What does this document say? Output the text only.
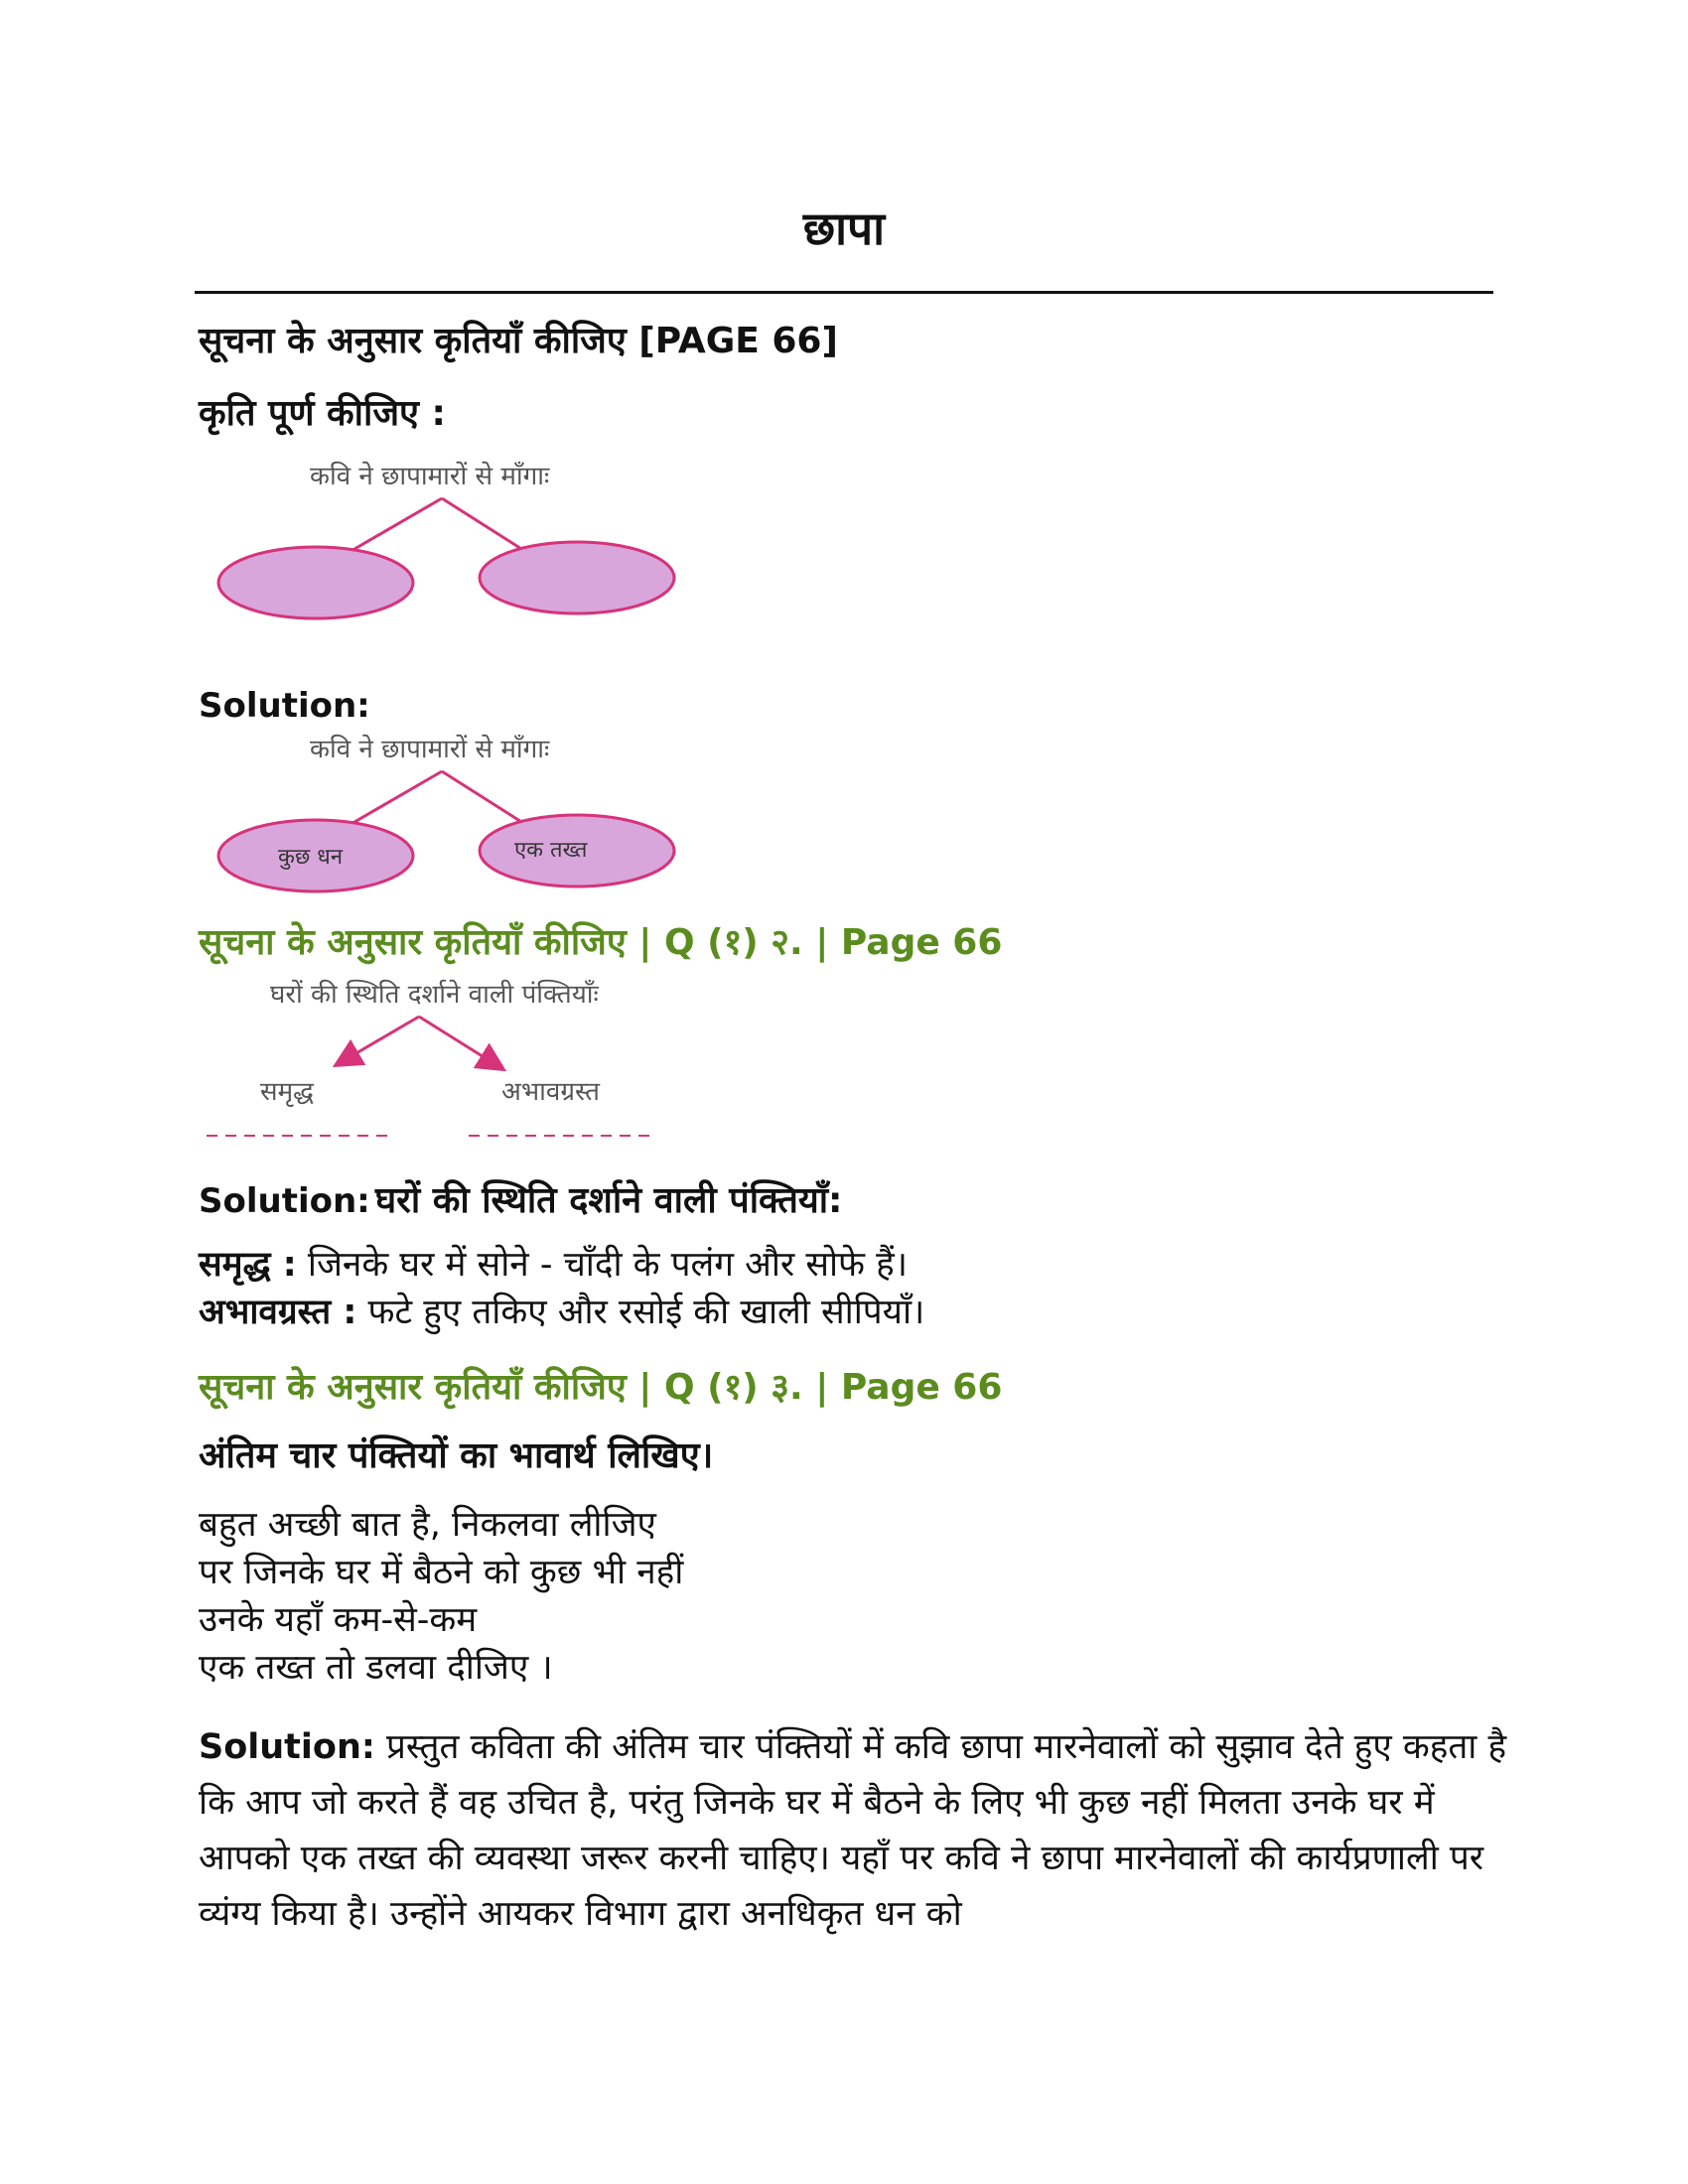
छापा
सूचना के अनुसार कृतियाँ कीजिए [PAGE 66]
कृति पूर्ण कीजिए :
कवि ने छापामारों से माँगाः
Solution:
कवि ने छापामारों से माँगाः
कुछ धन	एक तख्त
सूचना के अनुसार कृतियाँ कीजिए | Q (१) २. | Page 66
घरों की स्थिति दर्शाने वाली पंक्तियाँः
समृद्ध	अभावग्रस्त
Solution: घरों की स्थिति दर्शाने वाली पंक्तियाँ:
समृद्ध : जिनके घर में सोने - चाँदी के पलंग और सोफे हैं।
अभावग्रस्त : फटे हुए तकिए और रसोई की खाली सीपियाँ।
सूचना के अनुसार कृतियाँ कीजिए | Q (१) ३. | Page 66
अंतिम चार पंक्तियों का भावार्थ लिखिए।
बहुत अच्छी बात है, निकलवा लीजिए
पर जिनके घर में बैठने को कुछ भी नहीं
उनके यहाँ कम-से-कम
एक तख्त तो डलवा दीजिए ।
Solution: प्रस्तुत कविता की अंतिम चार पंक्तियों में कवि छापा मारनेवालों को सुझाव देते हुए कहता है कि आप जो करते हैं वह उचित है, परंतु जिनके घर में बैठने के लिए भी कुछ नहीं मिलता उनके घर में आपको एक तख्त की व्यवस्था जरूर करनी चाहिए। यहाँ पर कवि ने छापा मारनेवालों की कार्यप्रणाली पर व्यंग्य किया है। उन्होंने आयकर विभाग द्वारा अनधिकृत धन को
